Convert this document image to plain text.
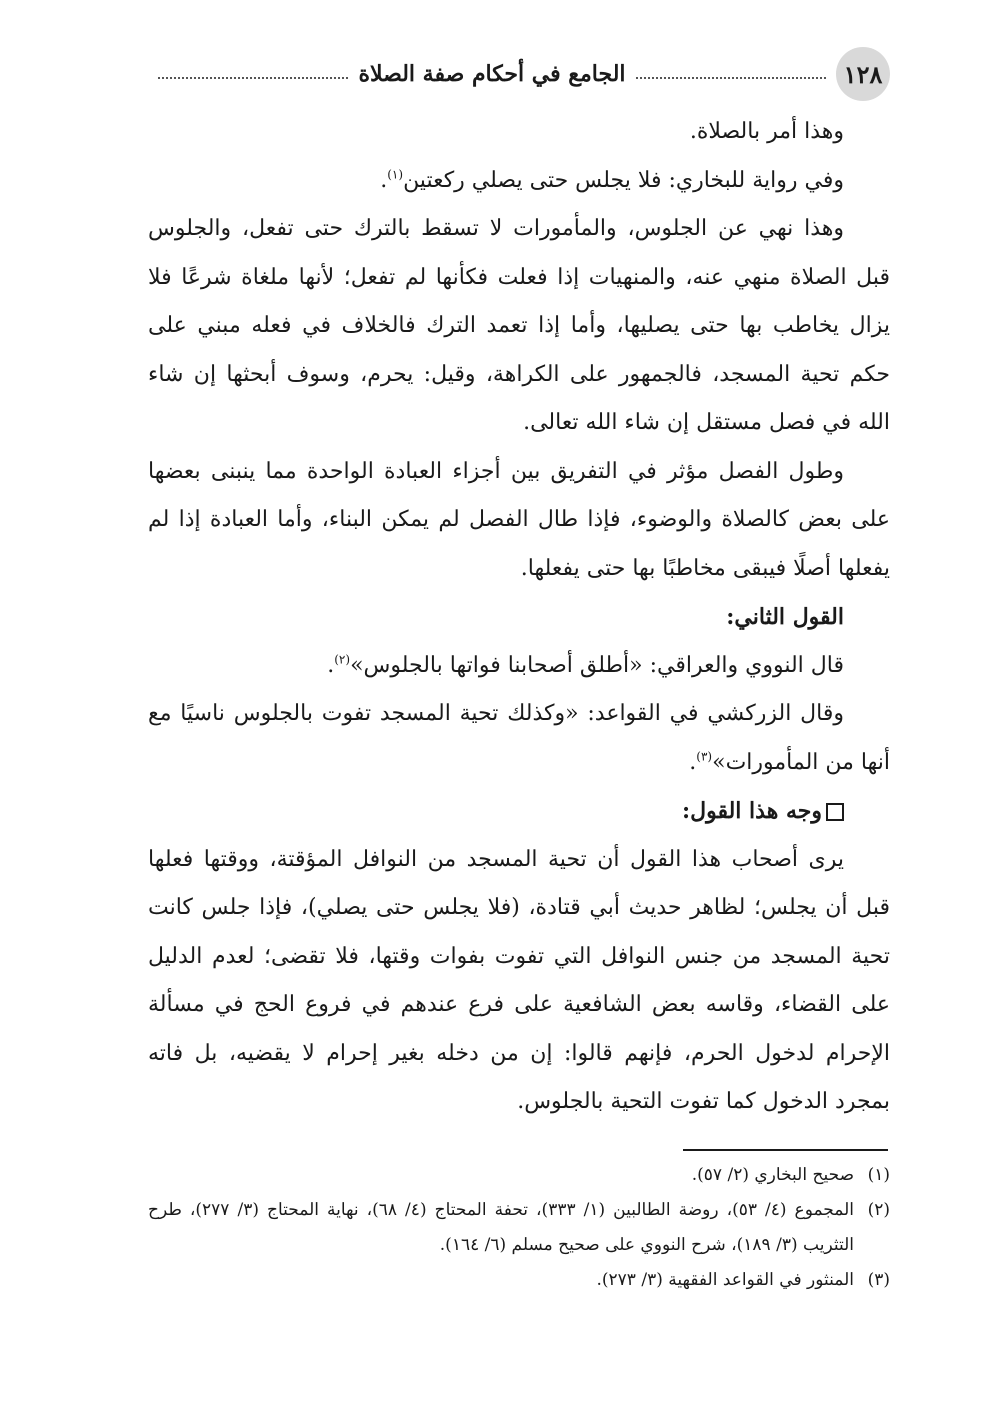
١٢٨
الجامع في أحكام صفة الصلاة

وهذا أمر بالصلاة.

وفي رواية للبخاري: فلا يجلس حتى يصلي ركعتين$^{(١)}$.

وهذا نهي عن الجلوس، والمأمورات لا تسقط بالترك حتى تفعل، والجلوس قبل الصلاة منهي عنه، والمنهيات إذا فعلت فكأنها لم تفعل؛ لأنها ملغاة شرعًا فلا يزال يخاطب بها حتى يصليها، وأما إذا تعمد الترك فالخلاف في فعله مبني على حكم تحية المسجد، فالجمهور على الكراهة، وقيل: يحرم، وسوف أبحثها إن شاء الله في فصل مستقل إن شاء الله تعالى.

وطول الفصل مؤثر في التفريق بين أجزاء العبادة الواحدة مما ينبنى بعضها على بعض كالصلاة والوضوء، فإذا طال الفصل لم يمكن البناء، وأما العبادة إذا لم يفعلها أصلًا فيبقى مخاطبًا بها حتى يفعلها.

القول الثاني:

قال النووي والعراقي: «أطلق أصحابنا فواتها بالجلوس»$^{(٢)}$.

وقال الزركشي في القواعد: «وكذلك تحية المسجد تفوت بالجلوس ناسيًا مع أنها من المأمورات»$^{(٣)}$.

وجه هذا القول:

يرى أصحاب هذا القول أن تحية المسجد من النوافل المؤقتة، ووقتها فعلها قبل أن يجلس؛ لظاهر حديث أبي قتادة، (فلا يجلس حتى يصلي)، فإذا جلس كانت تحية المسجد من جنس النوافل التي تفوت بفوات وقتها، فلا تقضى؛ لعدم الدليل على القضاء، وقاسه بعض الشافعية على فرع عندهم في فروع الحج في مسألة الإحرام لدخول الحرم، فإنهم قالوا: إن من دخله بغير إحرام لا يقضيه، بل فاته بمجرد الدخول كما تفوت التحية بالجلوس.

(١)
صحيح البخاري (٢/ ٥٧).
(٢)
المجموع (٤/ ٥٣)، روضة الطالبين (١/ ٣٣٣)، تحفة المحتاج (٤/ ٦٨)، نهاية المحتاج (٣/ ٢٧٧)، طرح التثريب (٣/ ١٨٩)، شرح النووي على صحيح مسلم (٦/ ١٦٤).
(٣)
المنثور في القواعد الفقهية (٣/ ٢٧٣).
